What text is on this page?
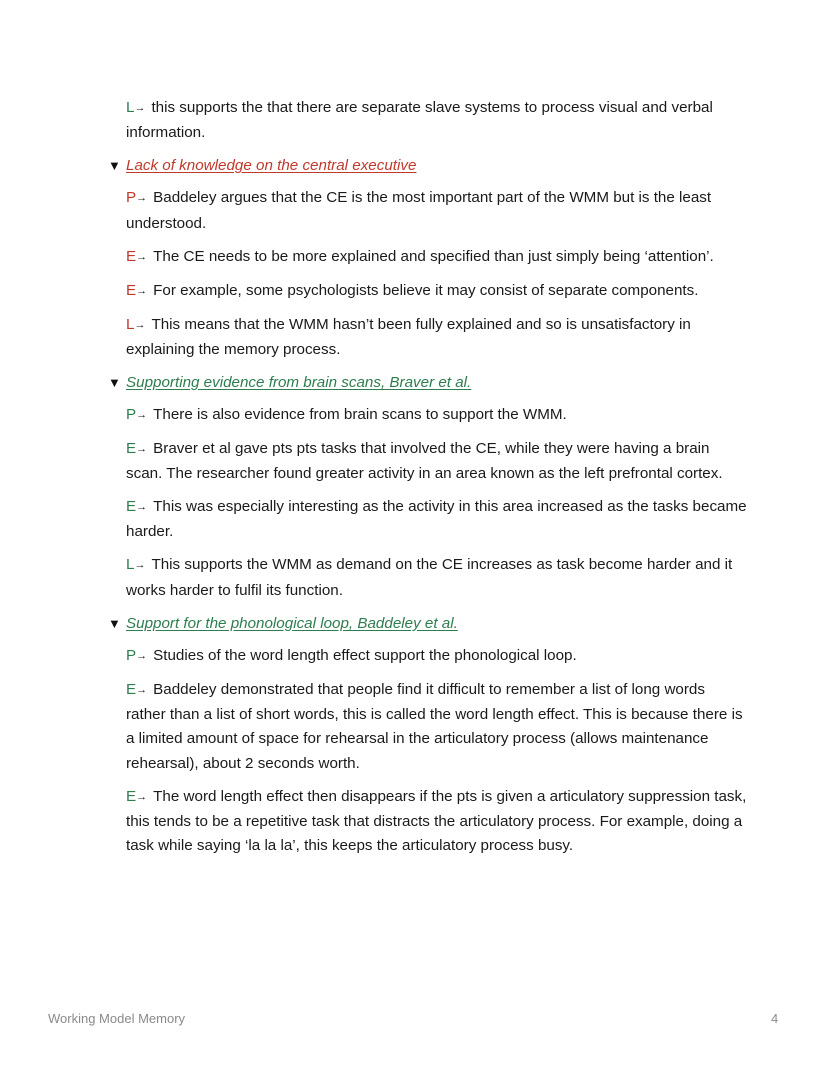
L→ this supports the that there are separate slave systems to process visual and verbal information.

▼ Lack of knowledge on the central executive

P→ Baddeley argues that the CE is the most important part of the WMM but is the least understood.

E→ The CE needs to be more explained and specified than just simply being ‘attention’.

E→ For example, some psychologists believe it may consist of separate components.

L→ This means that the WMM hasn’t been fully explained and so is unsatisfactory in explaining the memory process.

▼ Supporting evidence from brain scans, Braver et al.

P→ There is also evidence from brain scans to support the WMM.

E→ Braver et al gave pts pts tasks that involved the CE, while they were having a brain scan. The researcher found greater activity in an area known as the left prefrontal cortex.

E→ This was especially interesting as the activity in this area increased as the tasks became harder.

L→ This supports the WMM as demand on the CE increases as task become harder and it works harder to fulfil its function.

▼ Support for the phonological loop, Baddeley et al.

P→ Studies of the word length effect support the phonological loop.

E→ Baddeley demonstrated that people find it difficult to remember a list of long words rather than a list of short words, this is called the word length effect. This is because there is a limited amount of space for rehearsal in the articulatory process (allows maintenance rehearsal), about 2 seconds worth.

E→ The word length effect then disappears if the pts is given a articulatory suppression task, this tends to be a repetitive task that distracts the articulatory process. For example, doing a task while saying ‘la la la’, this keeps the articulatory process busy.

Working Model Memory	4
